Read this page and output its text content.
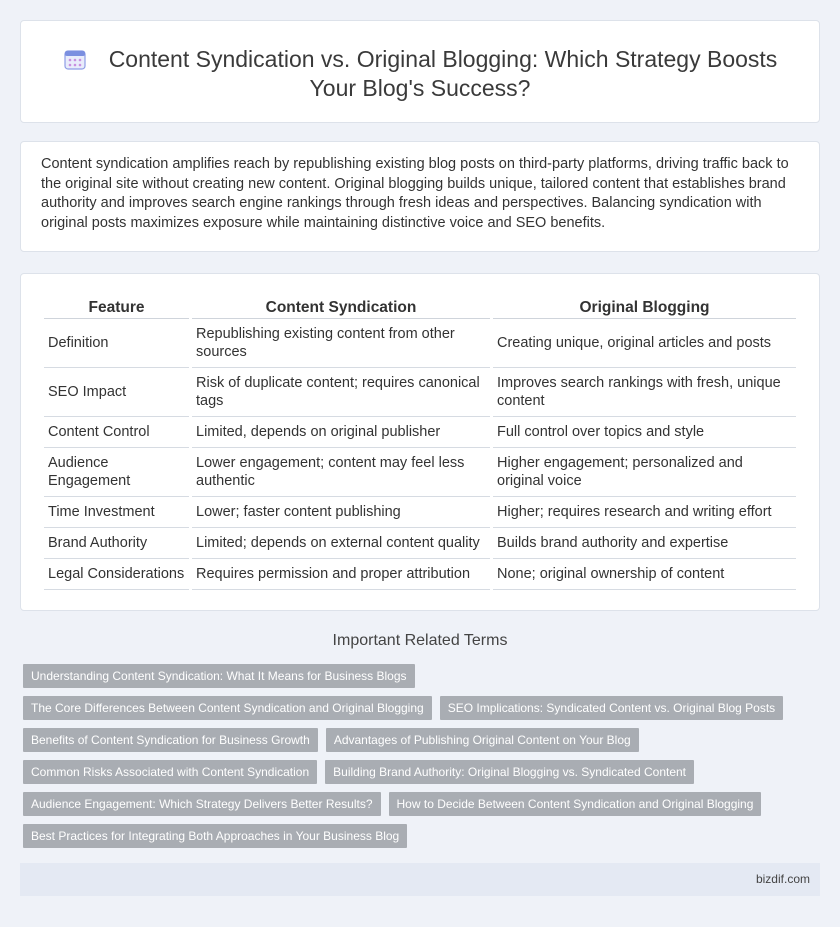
Content Syndication vs. Original Blogging: Which Strategy Boosts Your Blog's Success?

Content syndication amplifies reach by republishing existing blog posts on third-party platforms, driving traffic back to the original site without creating new content. Original blogging builds unique, tailored content that establishes brand authority and improves search engine rankings through fresh ideas and perspectives. Balancing syndication with original posts maximizes exposure while maintaining distinctive voice and SEO benefits.

Feature	Content Syndication	Original Blogging
Definition	Republishing existing content from other sources	Creating unique, original articles and posts
SEO Impact	Risk of duplicate content; requires canonical tags	Improves search rankings with fresh, unique content
Content Control	Limited, depends on original publisher	Full control over topics and style
Audience Engagement	Lower engagement; content may feel less authentic	Higher engagement; personalized and original voice
Time Investment	Lower; faster content publishing	Higher; requires research and writing effort
Brand Authority	Limited; depends on external content quality	Builds brand authority and expertise
Legal Considerations	Requires permission and proper attribution	None; original ownership of content
Important Related Terms
Understanding Content Syndication: What It Means for Business Blogs
The Core Differences Between Content Syndication and Original Blogging	SEO Implications: Syndicated Content vs. Original Blog Posts
Benefits of Content Syndication for Business Growth	Advantages of Publishing Original Content on Your Blog
Common Risks Associated with Content Syndication	Building Brand Authority: Original Blogging vs. Syndicated Content
Audience Engagement: Which Strategy Delivers Better Results?	How to Decide Between Content Syndication and Original Blogging
Best Practices for Integrating Both Approaches in Your Business Blog
bizdif.com
